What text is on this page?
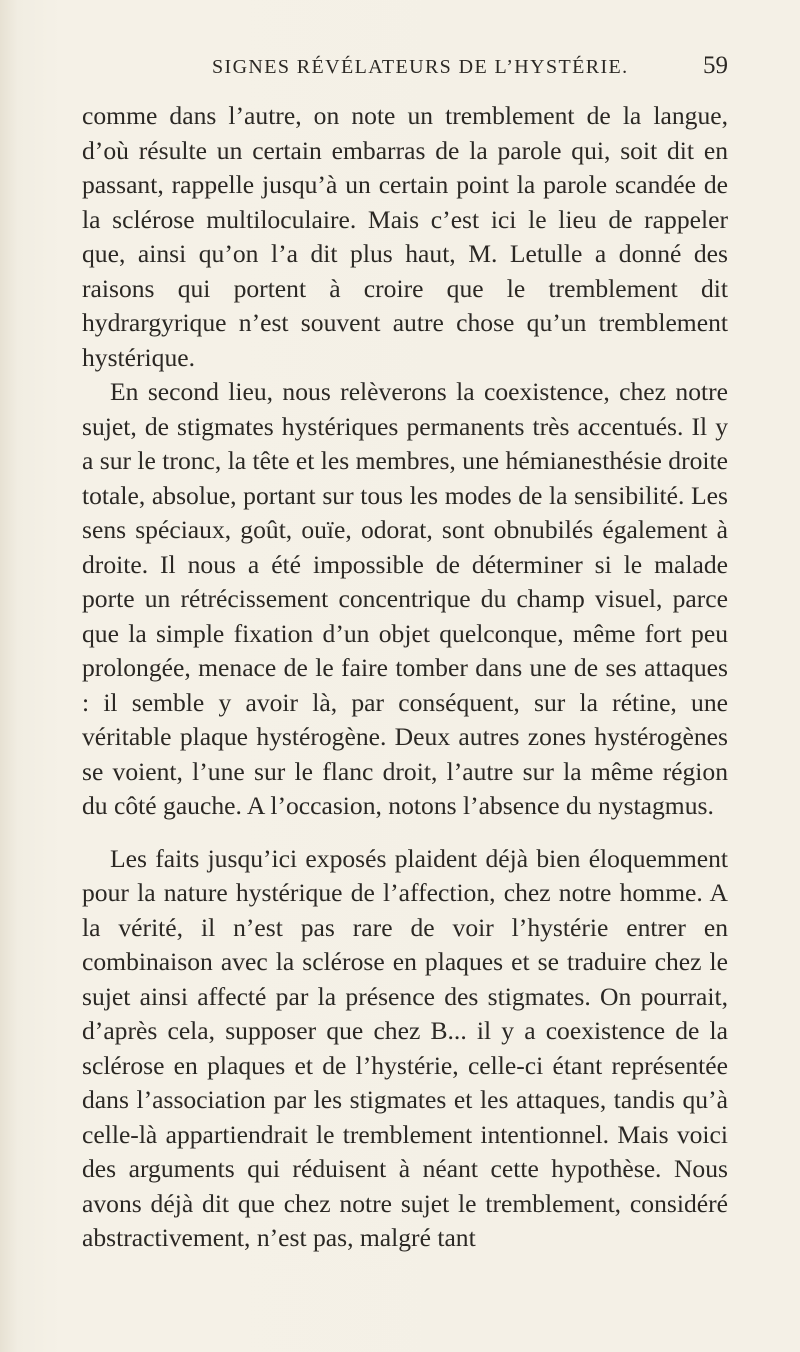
SIGNES RÉVÉLATEURS DE L’HYSTÉRIE.	59

comme dans l’autre, on note un tremblement de la langue, d’où résulte un certain embarras de la parole qui, soit dit en passant, rappelle jusqu’à un certain point la parole scandée de la sclérose multiloculaire. Mais c’est ici le lieu de rappeler que, ainsi qu’on l’a dit plus haut, M. Letulle a donné des raisons qui portent à croire que le tremblement dit hydrargyrique n’est souvent autre chose qu’un tremblement hystérique.

En second lieu, nous relèverons la coexistence, chez notre sujet, de stigmates hystériques permanents très accentués. Il y a sur le tronc, la tête et les membres, une hémianesthésie droite totale, absolue, portant sur tous les modes de la sensibilité. Les sens spéciaux, goût, ouïe, odorat, sont obnubilés également à droite. Il nous a été impossible de déterminer si le malade porte un rétrécissement concentrique du champ visuel, parce que la simple fixation d’un objet quelconque, même fort peu prolongée, menace de le faire tomber dans une de ses attaques : il semble y avoir là, par conséquent, sur la rétine, une véritable plaque hystérogène. Deux autres zones hystérogènes se voient, l’une sur le flanc droit, l’autre sur la même région du côté gauche. A l’occasion, notons l’absence du nystagmus.

Les faits jusqu’ici exposés plaident déjà bien éloquemment pour la nature hystérique de l’affection, chez notre homme. A la vérité, il n’est pas rare de voir l’hystérie entrer en combinaison avec la sclérose en plaques et se traduire chez le sujet ainsi affecté par la présence des stigmates. On pourrait, d’après cela, supposer que chez B... il y a coexistence de la sclérose en plaques et de l’hystérie, celle-ci étant représentée dans l’association par les stigmates et les attaques, tandis qu’à celle-là appartiendrait le tremblement intentionnel. Mais voici des arguments qui réduisent à néant cette hypothèse. Nous avons déjà dit que chez notre sujet le tremblement, considéré abstractivement, n’est pas, malgré tant
